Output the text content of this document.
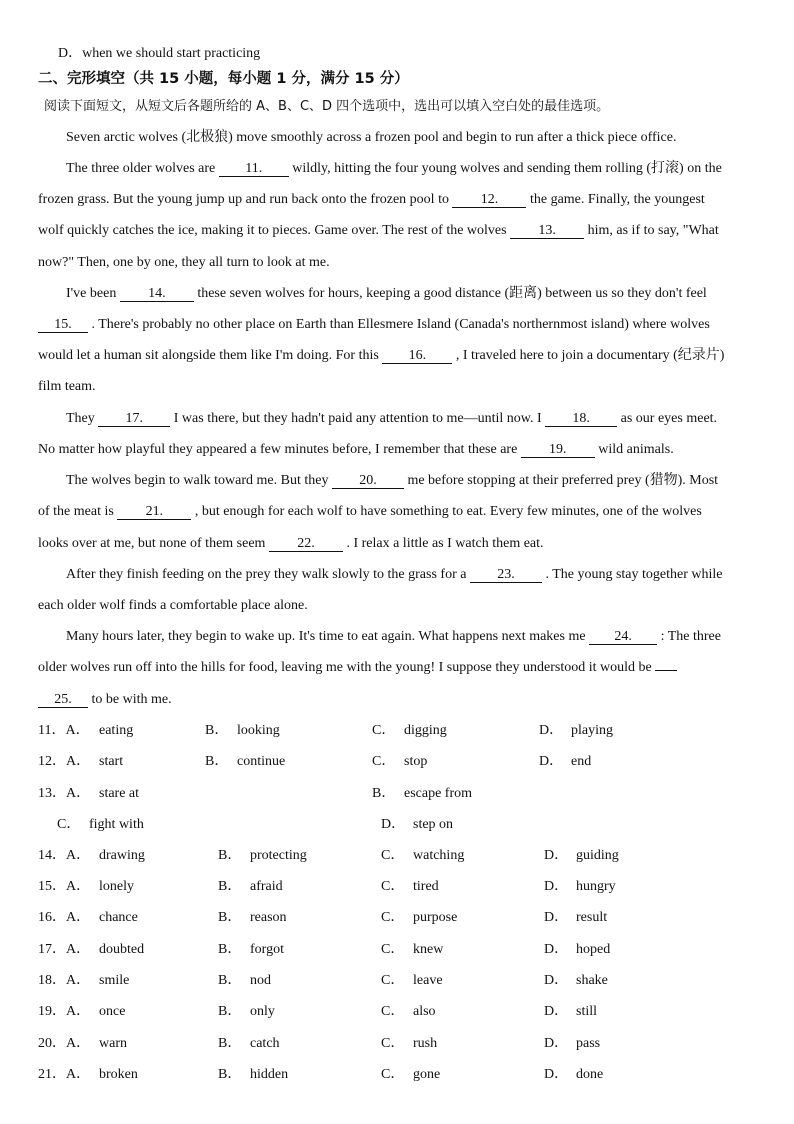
D．when we should start practicing
二、完形填空（共 15 小题，每小题 1 分，满分 15 分）
阅读下面短文，从短文后各题所给的 A、B、C、D 四个选项中，选出可以填入空白处的最佳选项。
Seven arctic wolves (北极狼) move smoothly across a frozen pool and begin to run after a thick piece office.
The three older wolves are 11. wildly, hitting the four young wolves and sending them rolling (打滚) on the
frozen grass. But the young jump up and run back onto the frozen pool to 12. the game. Finally, the youngest
wolf quickly catches the ice, making it to pieces. Game over. The rest of the wolves 13. him, as if to say, "What
now?" Then, one by one, they all turn to look at me.
I've been 14. these seven wolves for hours, keeping a good distance (距离) between us so they don't feel
15. . There's probably no other place on Earth than Ellesmere Island (Canada's northernmost island) where wolves
would let a human sit alongside them like I'm doing. For this 16. , I traveled here to join a documentary (纪录片)
film team.
They 17. I was there, but they hadn't paid any attention to me—until now. I 18. as our eyes meet.
No matter how playful they appeared a few minutes before, I remember that these are 19. wild animals.
The wolves begin to walk toward me. But they 20. me before stopping at their preferred prey (猎物). Most
of the meat is 21. , but enough for each wolf to have something to eat. Every few minutes, one of the wolves
looks over at me, but none of them seem 22. . I relax a little as I watch them eat.
After they finish feeding on the prey they walk slowly to the grass for a 23. . The young stay together while
each older wolf finds a comfortable place alone.
Many hours later, they begin to wake up. It's time to eat again. What happens next makes me 24. : The three
older wolves run off into the hills for food, leaving me with the young! I suppose they understood it would be
25. to be with me.
11．A． eating	B． looking	C． digging	D． playing
12．A． start	B． continue	C． stop	D． end
13．A． stare at	B． escape from
C． fight with	D． step on
14．A． drawing	B． protecting	C． watching	D． guiding
15．A． lonely	B． afraid	C． tired	D． hungry
16．A． chance	B． reason	C． purpose	D． result
17．A． doubted	B． forgot	C． knew	D． hoped
18．A． smile	B． nod	C． leave	D． shake
19．A． once	B． only	C． also	D． still
20．A． warn	B． catch	C． rush	D． pass
21．A． broken	B． hidden	C． gone	D． done
